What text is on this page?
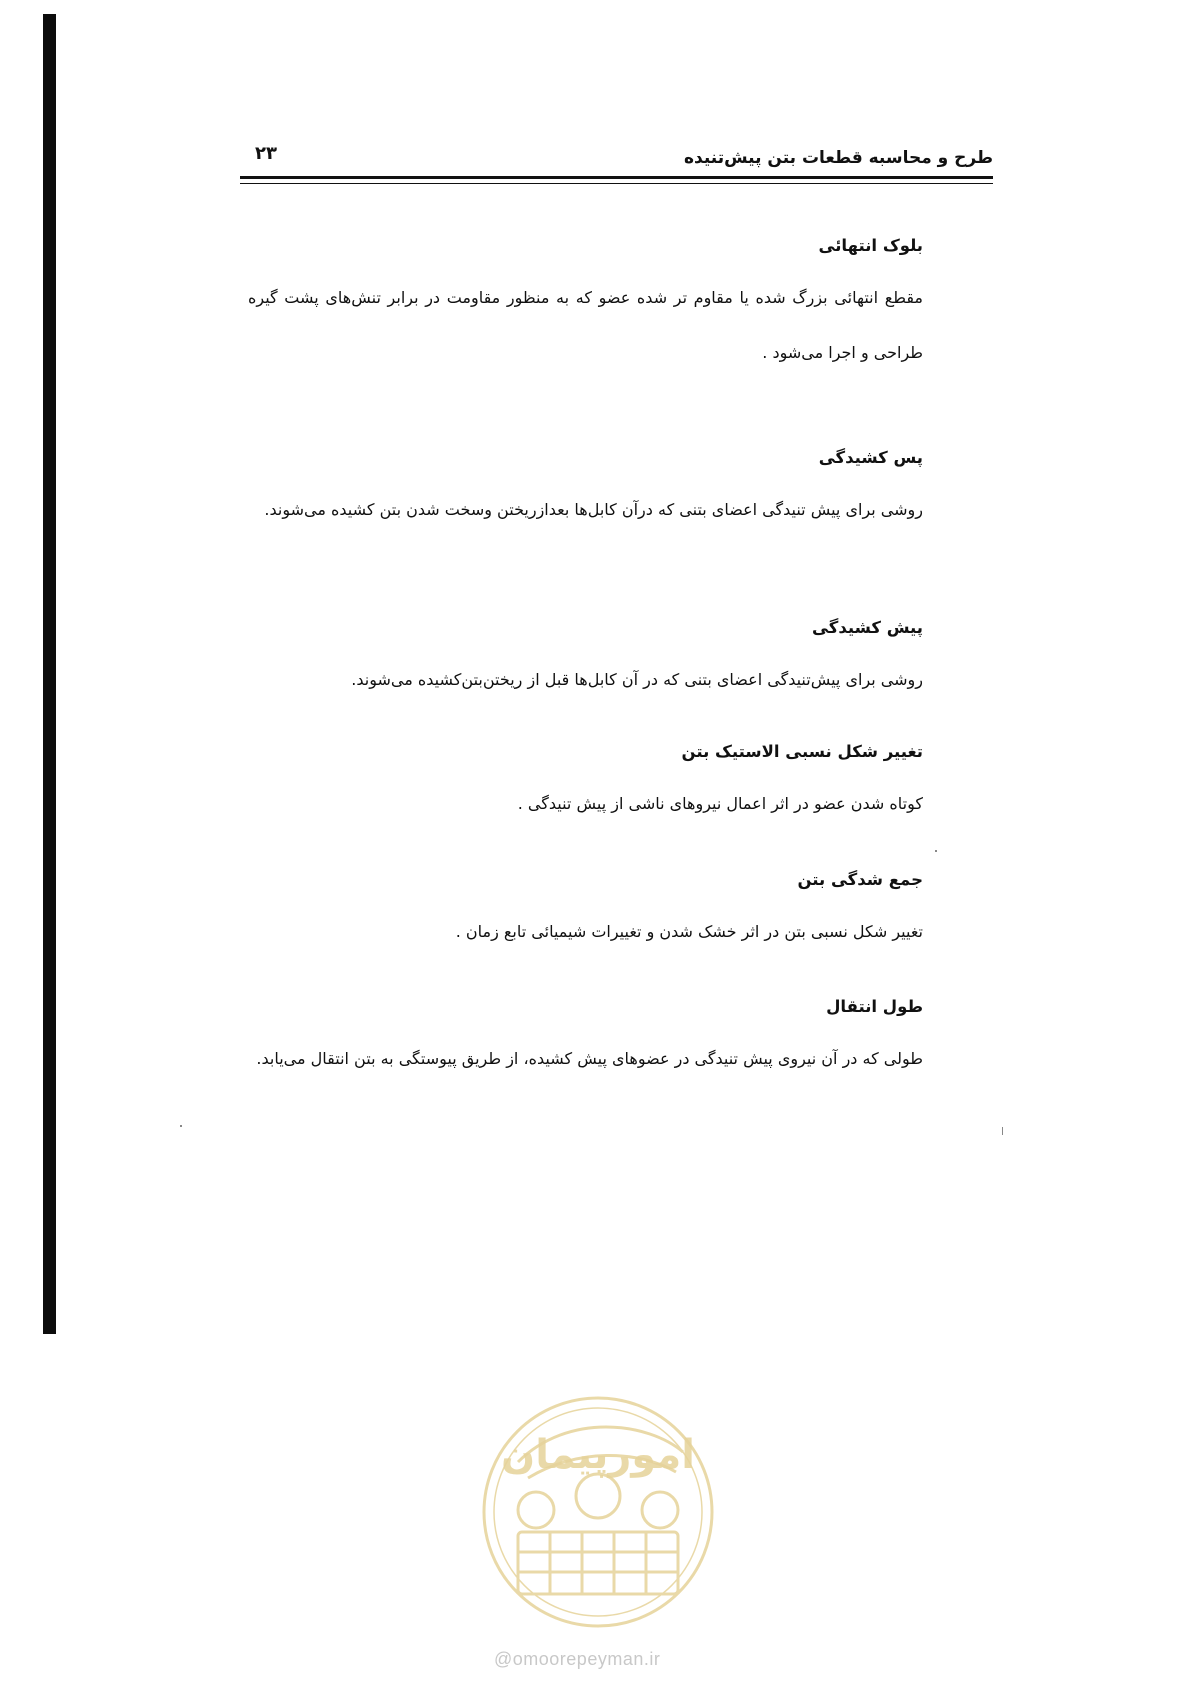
۲۳	طرح و محاسبه قطعات بتن پیش‌تنیده
بلوک انتهائی

مقطع انتهائی بزرگ شده یا مقاوم تر شده عضو که به منظور مقاومت در برابر تنش‌های پشت گیره طراحی و اجرا می‌شود .

پس کشیدگی

روشی برای پیش تنیدگی اعضای بتنی که درآن کابل‌ها بعدازریختن وسخت شدن بتن کشیده می‌شوند.

پیش کشیدگی

روشی برای پیش‌تنیدگی اعضای بتنی که در آن کابل‌ها قبل از ریختن‌بتن‌کشیده می‌شوند.

تغییر شکل نسبی الاستیک بتن

کوتاه شدن عضو در اثر اعمال نیروهای ناشی از پیش تنیدگی .

جمع شدگی بتن

تغییر شکل نسبی بتن در اثر خشک شدن و تغییرات شیمیائی تابع زمان .

طول انتقال

طولی که در آن نیروی پیش تنیدگی در عضوهای پیش کشیده، از طریق پیوستگی به بتن انتقال می‌یابد.

امورپیمان
@omoorepeyman.ir
